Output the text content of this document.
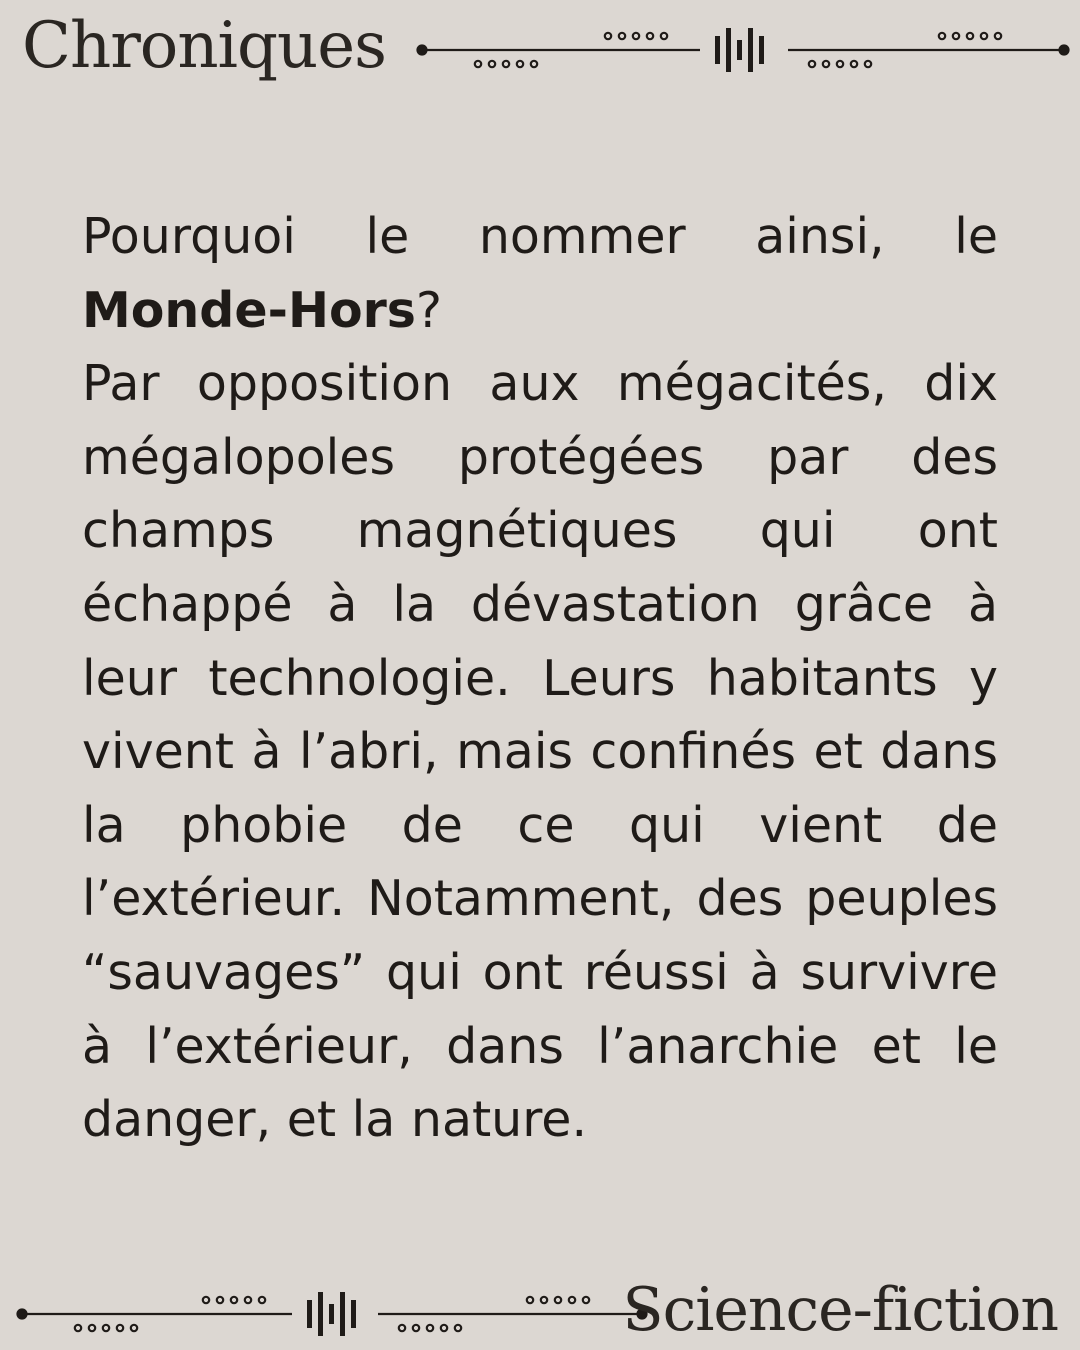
Chroniques

Pourquoi le nommer ainsi, le Monde-Hors?

Par opposition aux mégacités, dix mégalopoles protégées par des champs magnétiques qui ont échappé à la dévastation grâce à leur technologie. Leurs habitants y vivent à l’abri, mais confinés et dans la phobie de ce qui vient de l’extérieur. Notamment, des peuples “sauvages” qui ont réussi à survivre à l’extérieur, dans l’anarchie et le danger, et la nature.

Science-fiction
